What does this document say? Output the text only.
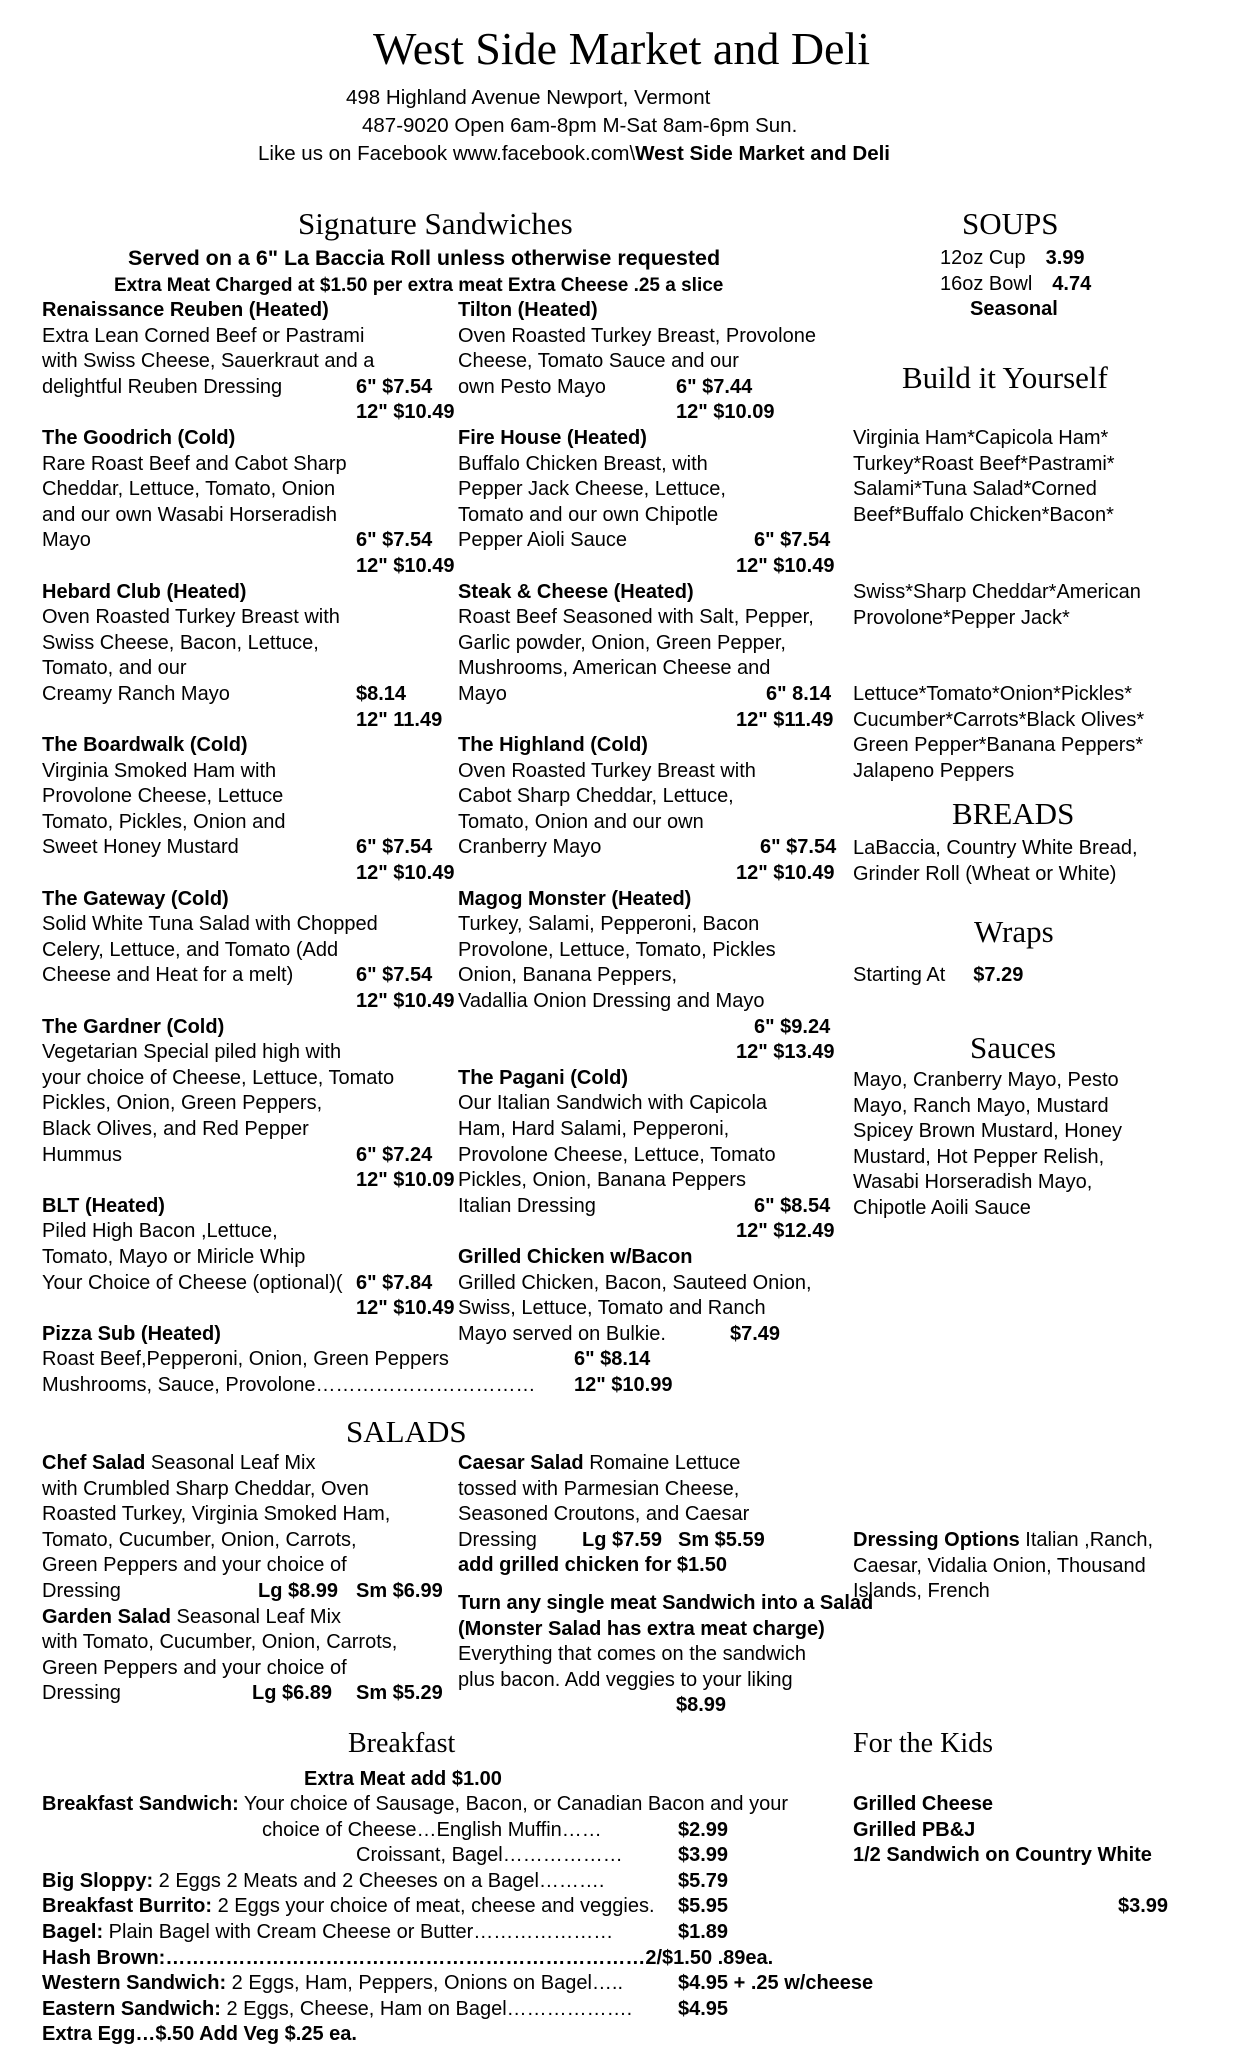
West Side Market and Deli
498 Highland Avenue Newport, Vermont
487-9020 Open 6am-8pm M-Sat 8am-6pm Sun.
Like us on Facebook www.facebook.com\West Side Market and Deli
Signature Sandwiches
Served on a 6" La Baccia Roll unless otherwise requested
Extra Meat Charged at $1.50 per extra meat Extra Cheese .25 a slice
Renaissance Reuben (Heated)
Extra Lean Corned Beef or Pastrami
with Swiss Cheese, Sauerkraut and a
delightful Reuben Dressing	6" $7.54
12" $10.49
The Goodrich (Cold)
Rare Roast Beef and Cabot Sharp
Cheddar, Lettuce, Tomato, Onion
and our own Wasabi Horseradish
Mayo	6" $7.54
12" $10.49
Hebard Club (Heated)
Oven Roasted Turkey Breast with
Swiss Cheese, Bacon, Lettuce,
Tomato, and our
Creamy Ranch Mayo	$8.14
12" 11.49
The Boardwalk (Cold)
Virginia Smoked Ham with
Provolone Cheese, Lettuce
Tomato, Pickles, Onion and
Sweet Honey Mustard	6" $7.54
12" $10.49
The Gateway (Cold)
Solid White Tuna Salad with Chopped
Celery, Lettuce, and Tomato (Add
Cheese and Heat for a melt)	6" $7.54
12" $10.49
The Gardner (Cold)
Vegetarian Special piled high with
your choice of Cheese, Lettuce, Tomato
Pickles, Onion, Green Peppers,
Black Olives, and Red Pepper
Hummus	6" $7.24
12" $10.09
BLT (Heated)
Piled High Bacon ,Lettuce,
Tomato, Mayo or Miricle Whip
Your Choice of Cheese (optional)( 6" $7.84
12" $10.49
Pizza Sub (Heated)
Roast Beef,Pepperoni, Onion, Green Peppers	6" $8.14
Mushrooms, Sauce, Provolone…………………………… 12" $10.99
Tilton (Heated)
Oven Roasted Turkey Breast, Provolone
Cheese, Tomato Sauce and our
own Pesto Mayo	6" $7.44
12" $10.09
Fire House (Heated)
Buffalo Chicken Breast, with
Pepper Jack Cheese, Lettuce,
Tomato and our own Chipotle
Pepper Aioli Sauce	6" $7.54
12" $10.49
Steak & Cheese (Heated)
Roast Beef Seasoned with Salt, Pepper,
Garlic powder, Onion, Green Pepper,
Mushrooms, American Cheese and
Mayo	6" 8.14
12" $11.49
The Highland (Cold)
Oven Roasted Turkey Breast with
Cabot Sharp Cheddar, Lettuce,
Tomato, Onion and our own
Cranberry Mayo	6" $7.54
12" $10.49
Magog Monster (Heated)
Turkey, Salami, Pepperoni, Bacon
Provolone, Lettuce, Tomato, Pickles
Onion, Banana Peppers,
Vadallia Onion Dressing and Mayo
6" $9.24
12" $13.49
The Pagani (Cold)
Our Italian Sandwich with Capicola
Ham, Hard Salami, Pepperoni,
Provolone Cheese, Lettuce, Tomato
Pickles, Onion, Banana Peppers
Italian Dressing	6" $8.54
12" $12.49
Grilled Chicken w/Bacon
Grilled Chicken, Bacon, Sauteed Onion,
Swiss, Lettuce, Tomato and Ranch
Mayo served on Bulkie.	$7.49
SOUPS
12oz Cup 3.99
16oz Bowl 4.74
Seasonal
Build it Yourself
Virginia Ham*Capicola Ham*
Turkey*Roast Beef*Pastrami*
Salami*Tuna Salad*Corned
Beef*Buffalo Chicken*Bacon*
Swiss*Sharp Cheddar*American
Provolone*Pepper Jack*
Lettuce*Tomato*Onion*Pickles*
Cucumber*Carrots*Black Olives*
Green Pepper*Banana Peppers*
Jalapeno Peppers
BREADS
LaBaccia, Country White Bread,
Grinder Roll (Wheat or White)
Wraps
Starting At $7.29
Sauces
Mayo, Cranberry Mayo, Pesto
Mayo, Ranch Mayo, Mustard
Spicey Brown Mustard, Honey
Mustard, Hot Pepper Relish,
Wasabi Horseradish Mayo,
Chipotle Aoili Sauce
SALADS
Chef Salad Seasonal Leaf Mix
with Crumbled Sharp Cheddar, Oven
Roasted Turkey, Virginia Smoked Ham,
Tomato, Cucumber, Onion, Carrots,
Green Peppers and your choice of
Dressing	Lg $8.99 Sm $6.99
Garden Salad Seasonal Leaf Mix
with Tomato, Cucumber, Onion, Carrots,
Green Peppers and your choice of
Dressing	Lg $6.89 Sm $5.29
Caesar Salad Romaine Lettuce
tossed with Parmesian Cheese,
Seasoned Croutons, and Caesar
Dressing Lg $7.59 Sm $5.59
add grilled chicken for $1.50
Turn any single meat Sandwich into a Salad
(Monster Salad has extra meat charge)
Everything that comes on the sandwich
plus bacon. Add veggies to your liking
$8.99
Dressing Options Italian ,Ranch,
Caesar, Vidalia Onion, Thousand
Islands, French
Breakfast
Extra Meat add $1.00
Breakfast Sandwich: Your choice of Sausage, Bacon, or Canadian Bacon and your
choice of Cheese…English Muffin……	$2.99
Croissant, Bagel………………	$3.99
Big Sloppy: 2 Eggs 2 Meats and 2 Cheeses on a Bagel……….	$5.79
Breakfast Burrito: 2 Eggs your choice of meat, cheese and veggies. $5.95
Bagel: Plain Bagel with Cream Cheese or Butter…………………	$1.89
Hash Brown:………………………………………………………………2/$1.50 .89ea.
Western Sandwich: 2 Eggs, Ham, Peppers, Onions on Bagel…..	$4.95 + .25 w/cheese
Eastern Sandwich: 2 Eggs, Cheese, Ham on Bagel………………. $4.95
Extra Egg…$.50 Add Veg $.25 ea.
For the Kids
Grilled Cheese
Grilled PB&J
1/2 Sandwich on Country White
$3.99
